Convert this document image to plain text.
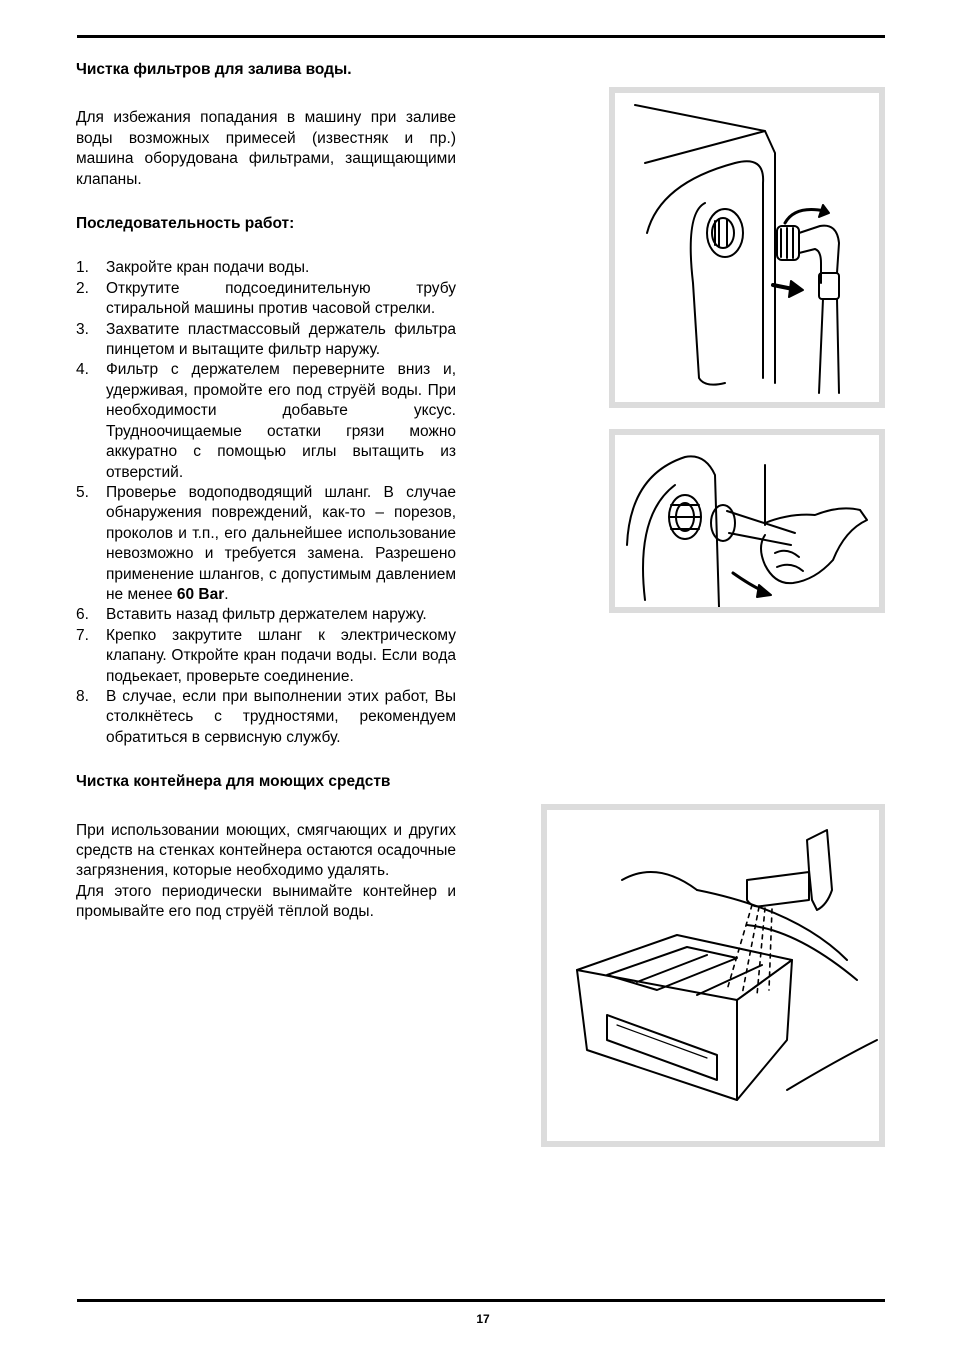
Чистка фильтров для залива воды.

Для избежания попадания в машину при заливе воды возможных примесей (известняк и пр.) машина оборудована фильтрами, защищающими клапаны.

Последовательность работ:

1. Закройте кран подачи воды.
2. Открутите подсоединительную трубу стиральной машины против часовой стрелки.
3. Захватите пластмассовый держатель фильтра пинцетом и вытащите фильтр наружу.
4. Фильтр с держателем переверните вниз и, удерживая, промойте его под струёй воды. При необходимости добавьте уксус. Трудноочищаемые остатки грязи можно аккуратно с помощью иглы вытащить из отверстий.
5. Проверье водоподводящий шланг. В случае обнаружения повреждений, как-то – порезов, проколов и т.п., его дальнейшее использование невозможно и требуется замена. Разрешено применение шлангов, с допустимым давлением не менее 60 Bar.
6. Вставить назад фильтр держателем наружу.
7. Крепко закрутите шланг к электрическому клапану. Откройте кран подачи воды. Если вода подьекает, проверьте соединение.
8. В случае, если при выполнении этих работ, Вы столкнётесь с трудностями, рекомендуем обратиться в сервисную службу.

Чистка контейнера для моющих средств

При использовании моющих, смягчающих и других средств на стенках контейнера остаются осадочные загрязнения, которые необходимо удалять.

Для этого периодически вынимайте контейнер и промывайте его под струёй тёплой воды.

17
